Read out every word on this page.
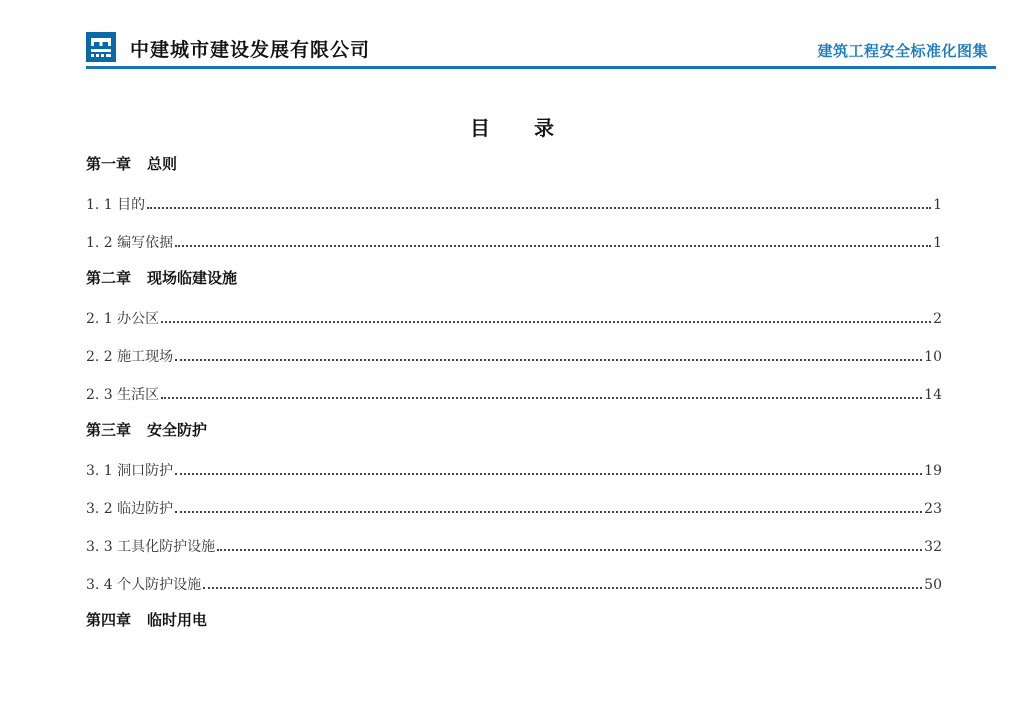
中建城市建设发展有限公司	建筑工程安全标准化图集
目 录
第一章 总则
1. 1 目的	1
1. 2 编写依据	1
第二章 现场临建设施
2. 1 办公区	2
2. 2 施工现场	10
2. 3 生活区	14
第三章 安全防护
3. 1 洞口防护	19
3. 2 临边防护	23
3. 3 工具化防护设施	32
3. 4 个人防护设施	50
第四章 临时用电
